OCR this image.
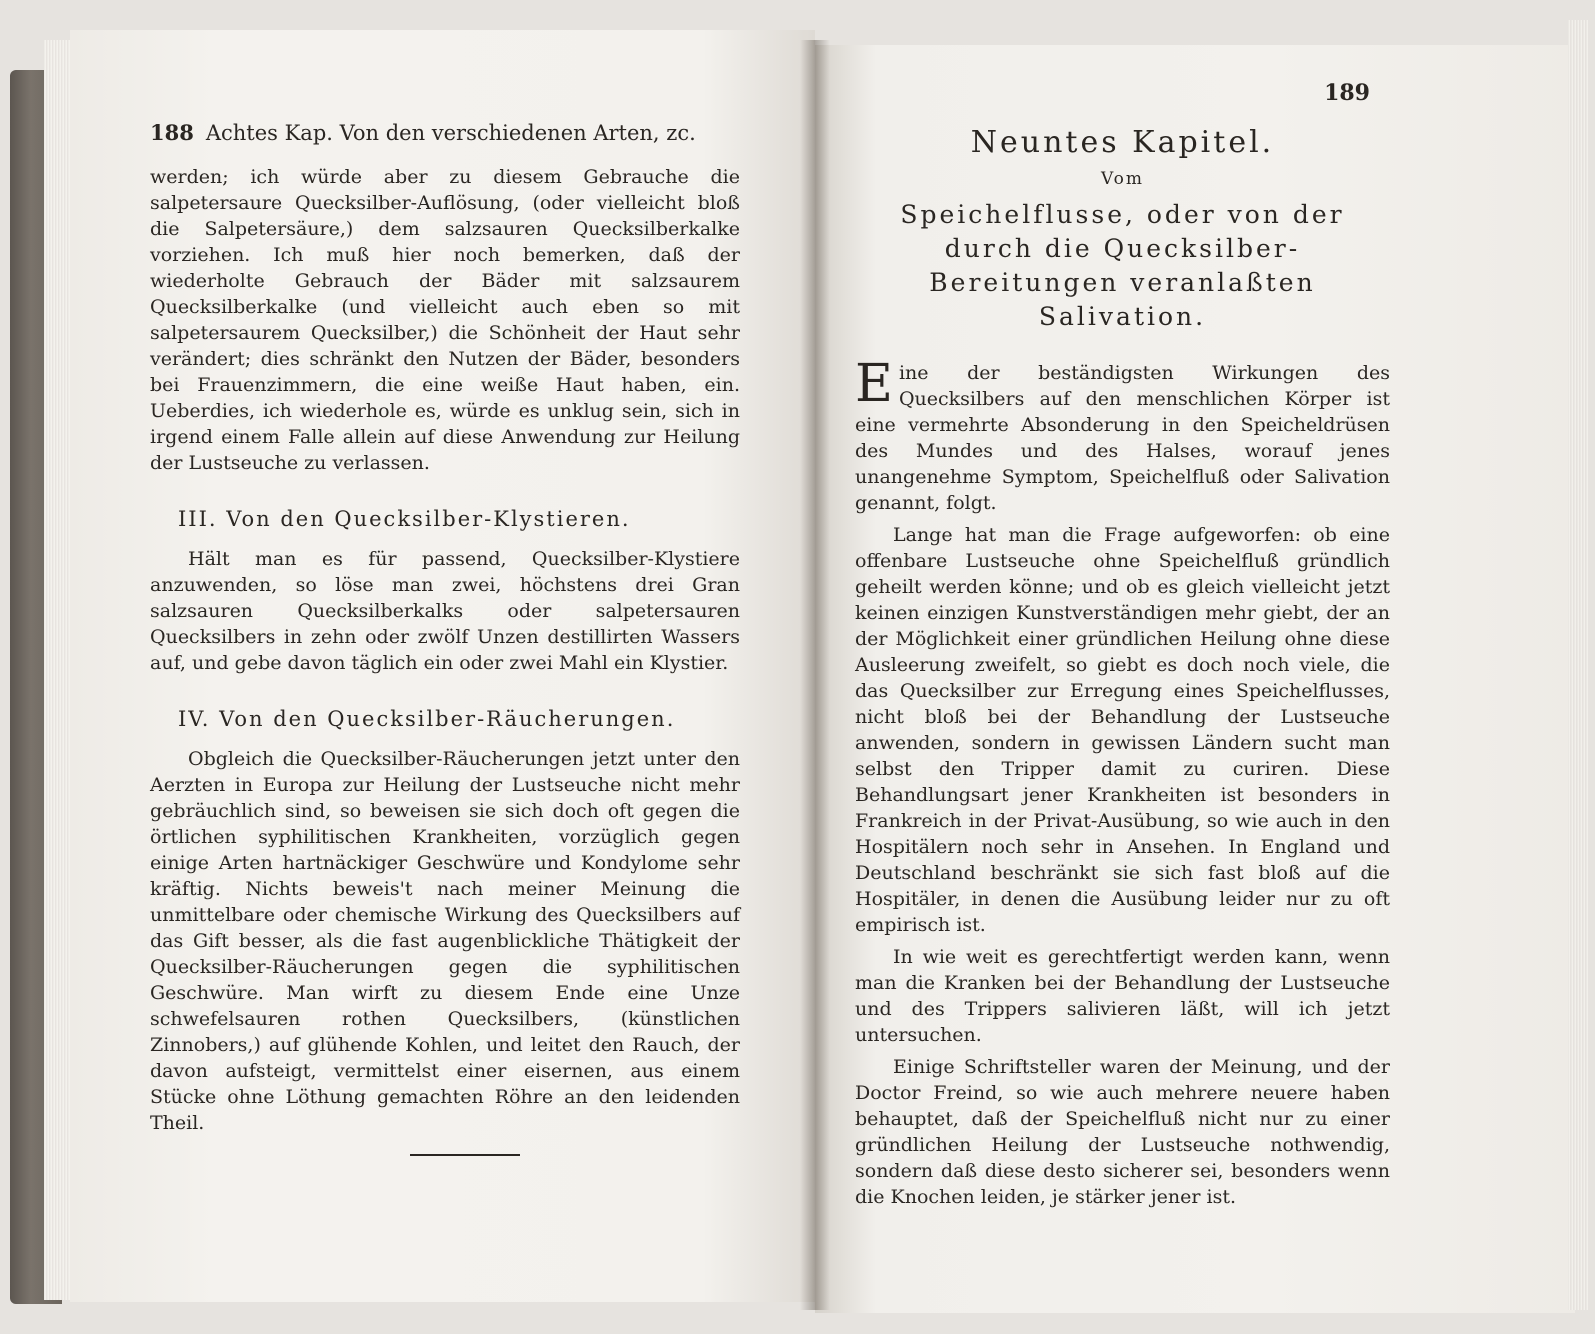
188 Achtes Kap. Von den verschiedenen Arten, zc.

werden; ich würde aber zu diesem Gebrauche die salpetersaure Quecksilber-Auflösung, (oder vielleicht bloß die Salpetersäure,) dem salzsauren Quecksilberkalke vorziehen. Ich muß hier noch bemerken, daß der wiederholte Gebrauch der Bäder mit salzsaurem Quecksilberkalke (und vielleicht auch eben so mit salpetersaurem Quecksilber,) die Schönheit der Haut sehr verändert; dies schränkt den Nutzen der Bäder, besonders bei Frauenzimmern, die eine weiße Haut haben, ein. Ueberdies, ich wiederhole es, würde es unklug sein, sich in irgend einem Falle allein auf diese Anwendung zur Heilung der Lustseuche zu verlassen.

III. Von den Quecksilber-Klystieren.

Hält man es für passend, Quecksilber-Klystiere anzuwenden, so löse man zwei, höchstens drei Gran salzsauren Quecksilberkalks oder salpetersauren Quecksilbers in zehn oder zwölf Unzen destillirten Wassers auf, und gebe davon täglich ein oder zwei Mahl ein Klystier.

IV. Von den Quecksilber-Räucherungen.

Obgleich die Quecksilber-Räucherungen jetzt unter den Aerzten in Europa zur Heilung der Lustseuche nicht mehr gebräuchlich sind, so beweisen sie sich doch oft gegen die örtlichen syphilitischen Krankheiten, vorzüglich gegen einige Arten hartnäckiger Geschwüre und Kondylome sehr kräftig. Nichts beweis't nach meiner Meinung die unmittelbare oder chemische Wirkung des Quecksilbers auf das Gift besser, als die fast augenblickliche Thätigkeit der Quecksilber-Räucherungen gegen die syphilitischen Geschwüre. Man wirft zu diesem Ende eine Unze schwefelsauren rothen Quecksilbers, (künstlichen Zinnobers,) auf glühende Kohlen, und leitet den Rauch, der davon aufsteigt, vermittelst einer eisernen, aus einem Stücke ohne Löthung gemachten Röhre an den leidenden Theil.

189
Neuntes Kapitel.
Vom
Speichelflusse, oder von der durch die Quecksilber-Bereitungen veranlaßten Salivation.

Eine der beständigsten Wirkungen des Quecksilbers auf den menschlichen Körper ist eine vermehrte Absonderung in den Speicheldrüsen des Mundes und des Halses, worauf jenes unangenehme Symptom, Speichelfluß oder Salivation genannt, folgt.

Lange hat man die Frage aufgeworfen: ob eine offenbare Lustseuche ohne Speichelfluß gründlich geheilt werden könne; und ob es gleich vielleicht jetzt keinen einzigen Kunstverständigen mehr giebt, der an der Möglichkeit einer gründlichen Heilung ohne diese Ausleerung zweifelt, so giebt es doch noch viele, die das Quecksilber zur Erregung eines Speichelflusses, nicht bloß bei der Behandlung der Lustseuche anwenden, sondern in gewissen Ländern sucht man selbst den Tripper damit zu curiren. Diese Behandlungsart jener Krankheiten ist besonders in Frankreich in der Privat-Ausübung, so wie auch in den Hospitälern noch sehr in Ansehen. In England und Deutschland beschränkt sie sich fast bloß auf die Hospitäler, in denen die Ausübung leider nur zu oft empirisch ist.

In wie weit es gerechtfertigt werden kann, wenn man die Kranken bei der Behandlung der Lustseuche und des Trippers salivieren läßt, will ich jetzt untersuchen.

Einige Schriftsteller waren der Meinung, und der Doctor Freind, so wie auch mehrere neuere haben behauptet, daß der Speichelfluß nicht nur zu einer gründlichen Heilung der Lustseuche nothwendig, sondern daß diese desto sicherer sei, besonders wenn die Knochen leiden, je stärker jener ist.
